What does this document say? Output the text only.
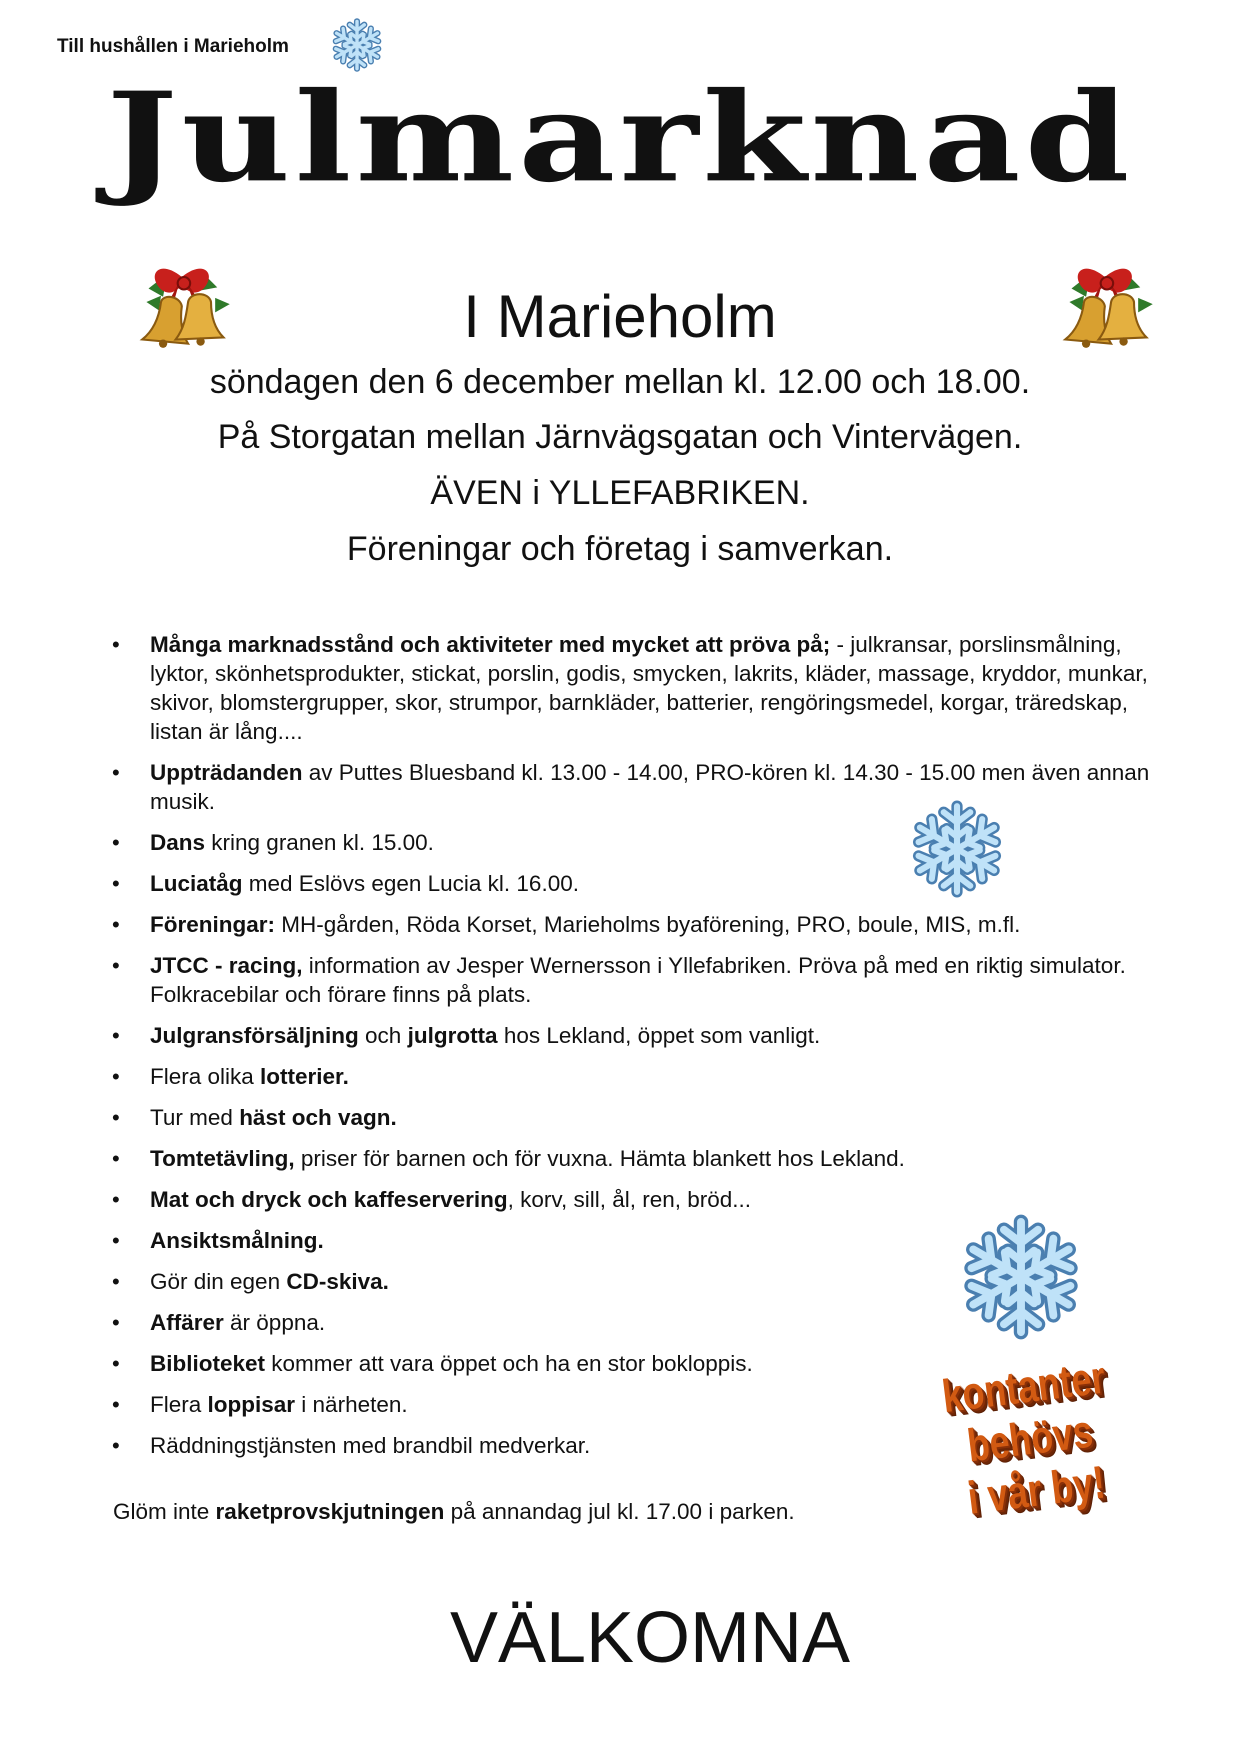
Till hushållen i Marieholm
Julmarknad
I Marieholm
söndagen den 6 december mellan kl. 12.00 och 18.00.
På Storgatan mellan Järnvägsgatan och Vintervägen.
ÄVEN i YLLEFABRIKEN.
Föreningar och företag i samverkan.
• Många marknadsstånd och aktiviteter med mycket att pröva på; - julkransar, porslinsmålning, lyktor, skönhetsprodukter, stickat, porslin, godis, smycken, lakrits, kläder, massage, kryddor, munkar, skivor, blomstergrupper, skor, strumpor, barnkläder, batterier, rengöringsmedel, korgar, träredskap, listan är lång....
• Uppträdanden av Puttes Bluesband kl. 13.00 - 14.00, PRO-kören kl. 14.30 - 15.00 men även annan musik.
• Dans kring granen kl. 15.00.
• Luciatåg med Eslövs egen Lucia kl. 16.00.
• Föreningar: MH-gården, Röda Korset, Marieholms byaförening, PRO, boule, MIS, m.fl.
• JTCC - racing, information av Jesper Wernersson i Yllefabriken. Pröva på med en riktig simulator. Folkracebilar och förare finns på plats.
• Julgransförsäljning och julgrotta hos Lekland, öppet som vanligt.
• Flera olika lotterier.
• Tur med häst och vagn.
• Tomtetävling, priser för barnen och för vuxna. Hämta blankett hos Lekland.
• Mat och dryck och kaffeservering, korv, sill, ål, ren, bröd...
• Ansiktsmålning.
• Gör din egen CD-skiva.
• Affärer är öppna.
• Biblioteket kommer att vara öppet och ha en stor bokloppis.
• Flera loppisar i närheten.
• Räddningstjänsten med brandbil medverkar.
Glöm inte raketprovskjutningen på annandag jul kl. 17.00 i parken.
kontanter behövs
i vår by!
VÄLKOMNA
